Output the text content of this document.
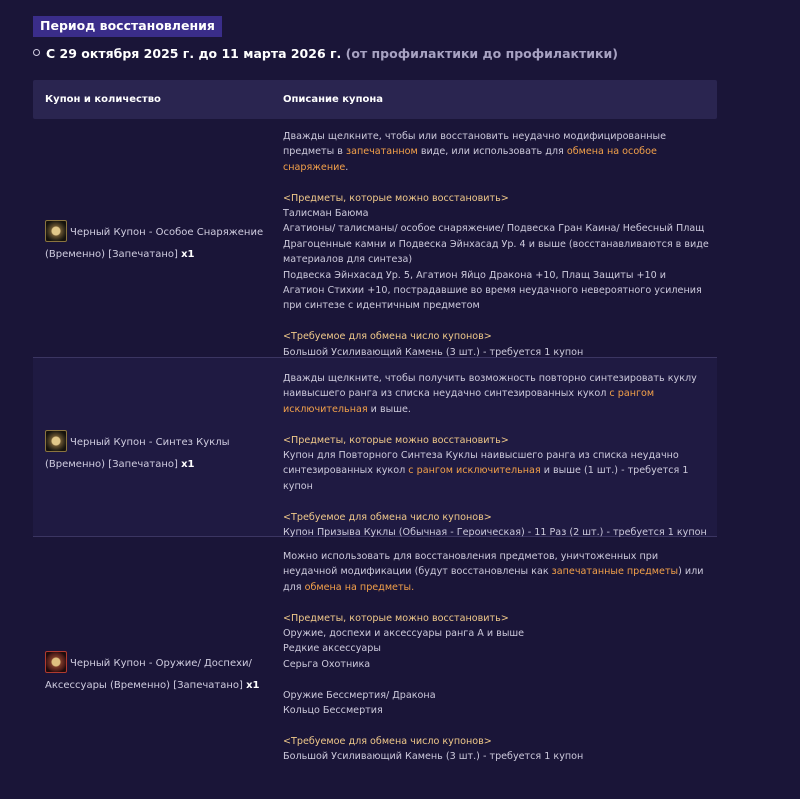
Период восстановления
С 29 октября 2025 г. до 11 марта 2026 г. (от профилактики до профилактики)
Купон и количество	Описание купона
Черный Купон - Особое Снаряжение (Временно) [Запечатано] x1
Дважды щелкните, чтобы или восстановить неудачно модифицированные предметы в запечатанном виде, или использовать для обмена на особое снаряжение.
<Предметы, которые можно восстановить>
Талисман Баюма
Агатионы/ талисманы/ особое снаряжение/ Подвеска Гран Каина/ Небесный Плащ Драгоценные камни и Подвеска Эйнхасад Ур. 4 и выше (восстанавливаются в виде материалов для синтеза)
Подвеска Эйнхасад Ур. 5, Агатион Яйцо Дракона +10, Плащ Защиты +10 и Агатион Стихии +10, пострадавшие во время неудачного невероятного усиления при синтезе с идентичным предметом
<Требуемое для обмена число купонов>
Большой Усиливающий Камень (3 шт.) - требуется 1 купон
Черный Купон - Синтез Куклы (Временно) [Запечатано] x1
Дважды щелкните, чтобы получить возможность повторно синтезировать куклу наивысшего ранга из списка неудачно синтезированных кукол с рангом исключительная и выше.
<Предметы, которые можно восстановить>
Купон для Повторного Синтеза Куклы наивысшего ранга из списка неудачно синтезированных кукол с рангом исключительная и выше (1 шт.) - требуется 1 купон
<Требуемое для обмена число купонов>
Купон Призыва Куклы (Обычная - Героическая) - 11 Раз (2 шт.) - требуется 1 купон
Черный Купон - Оружие/ Доспехи/ Аксессуары (Временно) [Запечатано] x1
Можно использовать для восстановления предметов, уничтоженных при неудачной модификации (будут восстановлены как запечатанные предметы) или для обмена на предметы.
<Предметы, которые можно восстановить>
Оружие, доспехи и аксессуары ранга А и выше
Редкие аксессуары
Серьга Охотника
Оружие Бессмертия/ Дракона
Кольцо Бессмертия
<Требуемое для обмена число купонов>
Большой Усиливающий Камень (3 шт.) - требуется 1 купон
